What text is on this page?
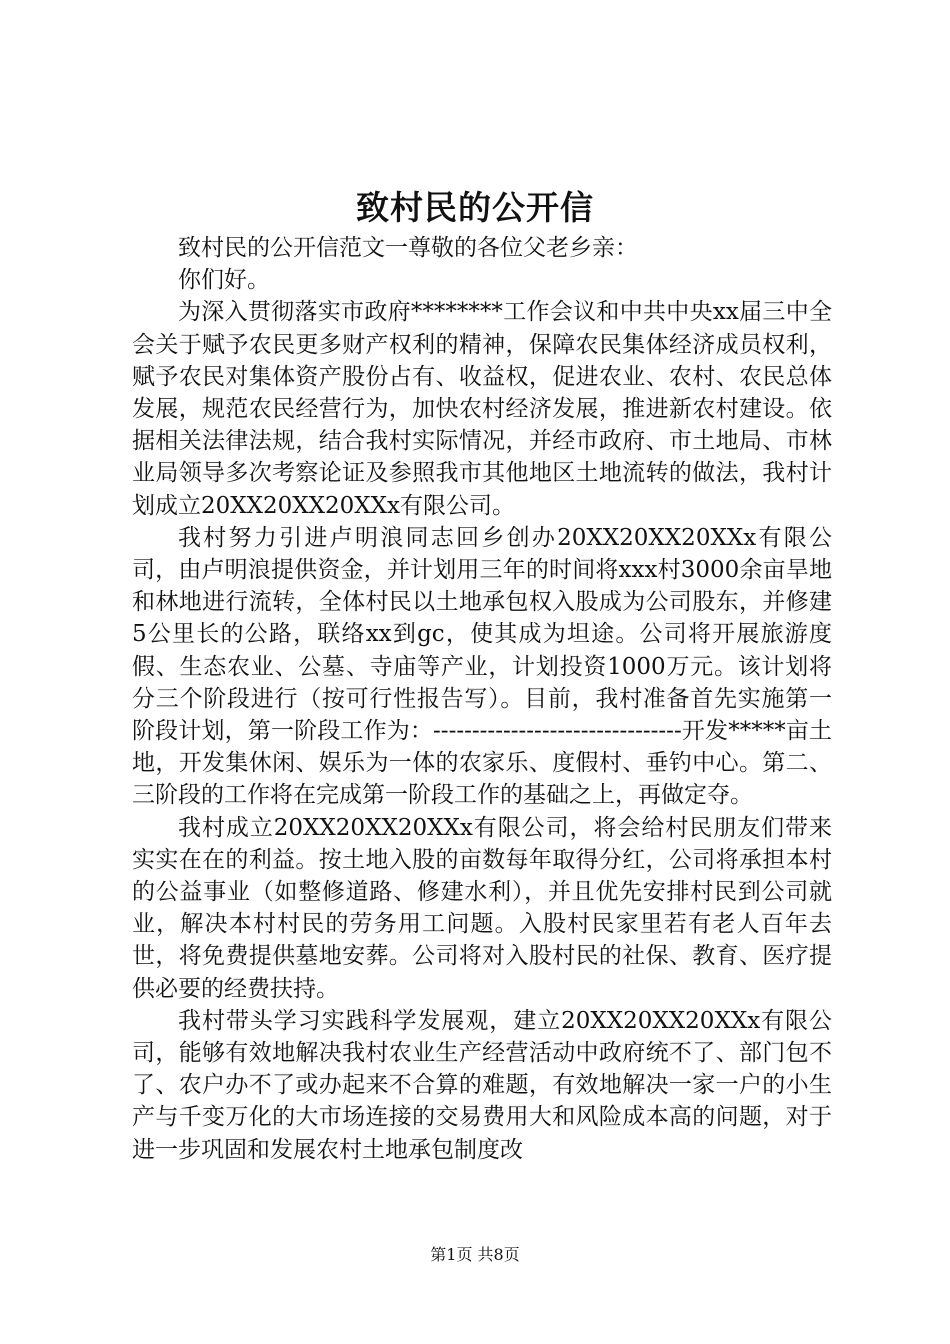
致村民的公开信

致村民的公开信范文一尊敬的各位父老乡亲：

你们好。

为深入贯彻落实市政府********工作会议和中共中央xx届三中全会关于赋予农民更多财产权利的精神，保障农民集体经济成员权利，赋予农民对集体资产股份占有、收益权，促进农业、农村、农民总体发展，规范农民经营行为，加快农村经济发展，推进新农村建设。依据相关法律法规，结合我村实际情况，并经市政府、市土地局、市林业局领导多次考察论证及参照我市其他地区土地流转的做法，我村计划成立20XX20XX20XXx有限公司。

我村努力引进卢明浪同志回乡创办20XX20XX20XXx有限公司，由卢明浪提供资金，并计划用三年的时间将xxx村3000余亩旱地和林地进行流转，全体村民以土地承包权入股成为公司股东，并修建5公里长的公路，联络xx到gc，使其成为坦途。公司将开展旅游度假、生态农业、公墓、寺庙等产业，计划投资1000万元。该计划将分三个阶段进行（按可行性报告写）。目前，我村准备首先实施第一阶段计划，第一阶段工作为：--------------------------------开发*****亩土地，开发集休闲、娱乐为一体的农家乐、度假村、垂钓中心。第二、三阶段的工作将在完成第一阶段工作的基础之上，再做定夺。

我村成立20XX20XX20XXx有限公司，将会给村民朋友们带来实实在在的利益。按土地入股的亩数每年取得分红，公司将承担本村的公益事业（如整修道路、修建水利），并且优先安排村民到公司就业，解决本村村民的劳务用工问题。入股村民家里若有老人百年去世，将免费提供墓地安葬。公司将对入股村民的社保、教育、医疗提供必要的经费扶持。

我村带头学习实践科学发展观，建立20XX20XX20XXx有限公司，能够有效地解决我村农业生产经营活动中政府统不了、部门包不了、农户办不了或办起来不合算的难题，有效地解决一家一户的小生产与千变万化的大市场连接的交易费用大和风险成本高的问题，对于进一步巩固和发展农村土地承包制度改

第1页 共8页
